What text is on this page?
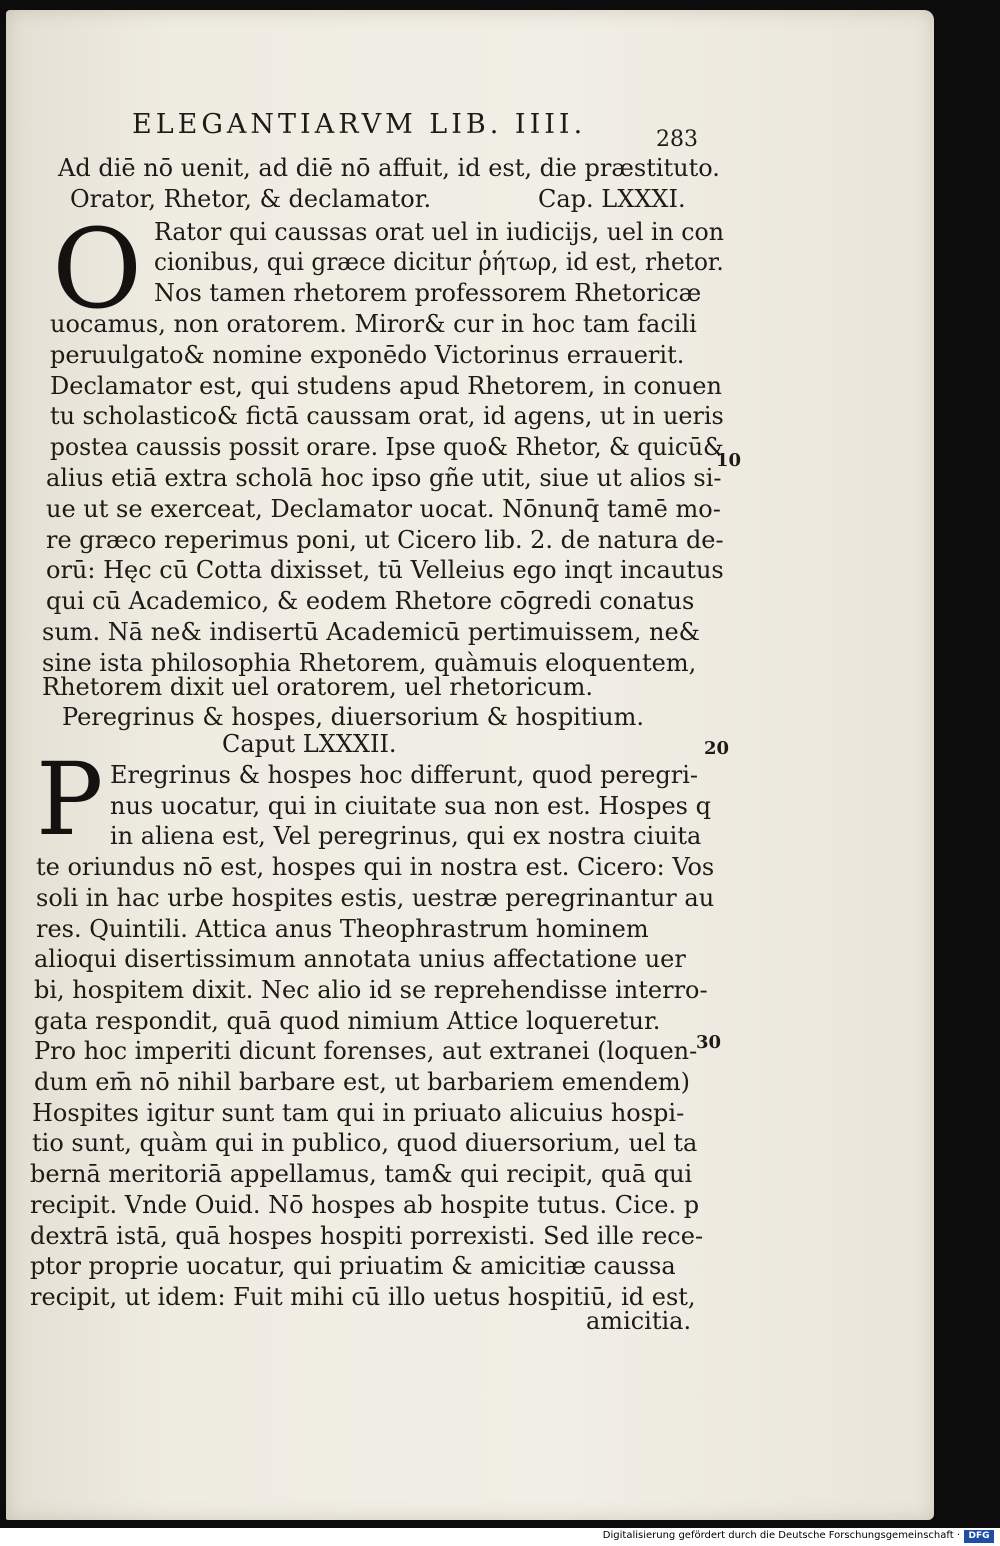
ELEGANTIARVM LIB. IIII.	283
Ad diē nō uenit, ad diē nō affuit, id est, die præstituto.
Orator, Rhetor, & declamator.	Cap. LXXXI.
O Rator qui caussas orat uel in iudicijs, uel in con
cionibus, qui græce dicitur ῥήτωρ, id est, rhetor.
Nos tamen rhetorem professorem Rhetoricæ
uocamus, non oratorem. Miror& cur in hoc tam facili
peruulgato& nomine exponēdo Victorinus errauerit.
Declamator est, qui studens apud Rhetorem, in conuen
tu scholastico& fictā caussam orat, id agens, ut in ueris
postea caussis possit orare. Ipse quo& Rhetor, & quicū&
alius etiā extra scholā hoc ipso gñe utit, siue ut alios si-
ue ut se exerceat, Declamator uocat. Nōnunq̄ tamē mo-
re græco reperimus poni, ut Cicero lib. 2. de natura de-
orū: Hęc cū Cotta dixisset, tū Velleius ego inqt incautus
qui cū Academico, & eodem Rhetore cōgredi conatus
sum. Nā ne& indisertū Academicū pertimuissem, ne&
sine ista philosophia Rhetorem, quàmuis eloquentem,
Rhetorem dixit uel oratorem, uel rhetoricum.
Peregrinus & hospes, diuersorium & hospitium.
Caput LXXXII.
P Eregrinus & hospes hoc differunt, quod peregri-
nus uocatur, qui in ciuitate sua non est. Hospes q
in aliena est, Vel peregrinus, qui ex nostra ciuita
te oriundus nō est, hospes qui in nostra est. Cicero: Vos
soli in hac urbe hospites estis, uestræ peregrinantur au
res. Quintili. Attica anus Theophrastrum hominem
alioqui disertissimum annotata unius affectatione uer
bi, hospitem dixit. Nec alio id se reprehendisse interro-
gata respondit, quā quod nimium Attice loqueretur.
Pro hoc imperiti dicunt forenses, aut extranei (loquen-
dum em̄ nō nihil barbare est, ut barbariem emendem)
Hospites igitur sunt tam qui in priuato alicuius hospi-
tio sunt, quàm qui in publico, quod diuersorium, uel ta
bernā meritoriā appellamus, tam& qui recipit, quā qui
recipit. Vnde Ouid. Nō hospes ab hospite tutus. Cice. p
dextrā istā, quā hospes hospiti porrexisti. Sed ille rece-
ptor proprie uocatur, qui priuatim & amicitiæ caussa
recipit, ut idem: Fuit mihi cū illo uetus hospitiū, id est,
amicitia.
10
20
30
Digitalisierung gefördert durch die Deutsche Forschungsgemeinschaft · DFG
